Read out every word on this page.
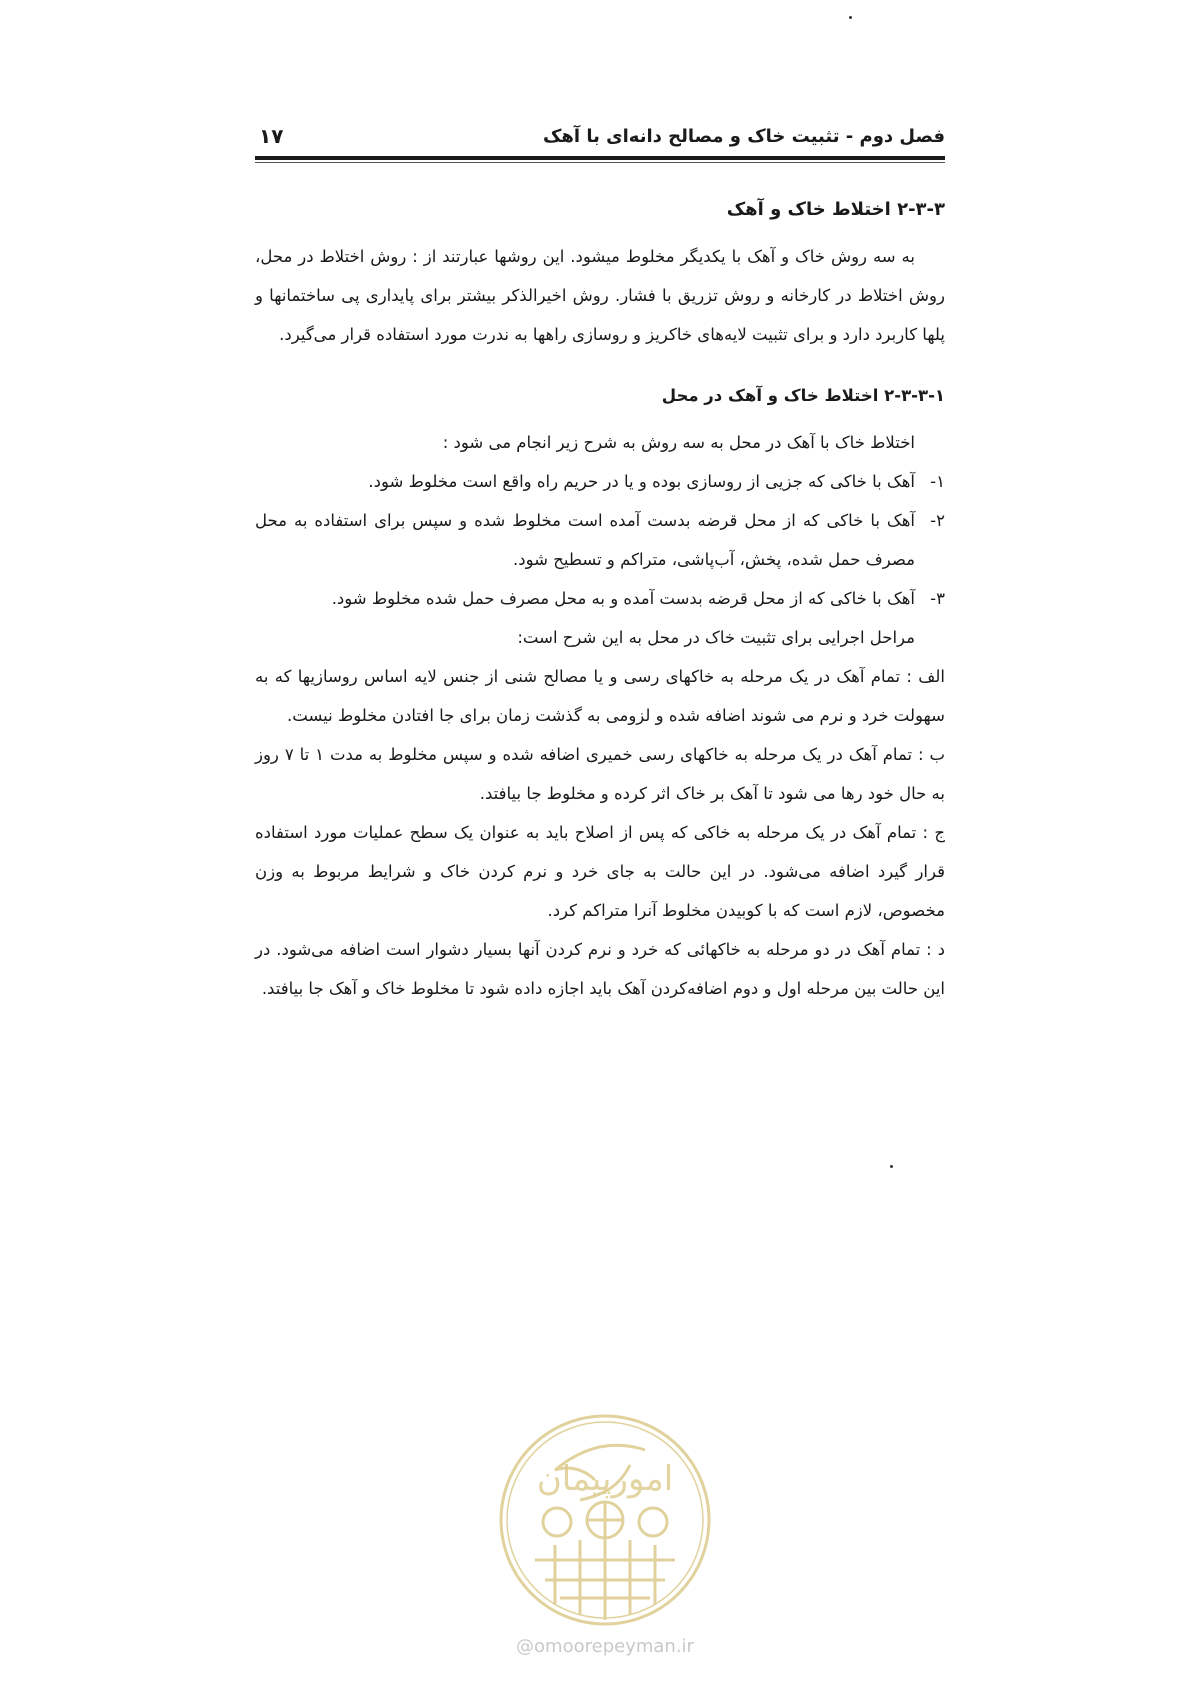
فصل دوم - تثبیت خاک و مصالح دانه‌ای با آهک
۱۷

۲-۳-۳ اختلاط خاک و آهک

به سه روش خاک و آهک با یکدیگر مخلوط میشود. این روشها عبارتند از : روش اختلاط در محل، روش اختلاط در کارخانه و روش تزریق با فشار. روش اخیرالذکر بیشتر برای پایداری پی ساختمانها و پلها کاربرد دارد و برای تثبیت لایه‌های خاکریز و روسازی راهها به ندرت مورد استفاده قرار می‌گیرد.

۲-۳-۳-۱ اختلاط خاک و آهک در محل

اختلاط خاک با آهک در محل به سه روش به شرح زیر انجام می شود :

۱-آهک با خاکی که جزیی از روسازی بوده و یا در حریم راه واقع است مخلوط شود.

۲-آهک با خاکی که از محل قرضه بدست آمده است مخلوط شده و سپس برای استفاده به محل مصرف حمل شده، پخش، آب‌پاشی، متراکم و تسطیح شود.

۳-آهک با خاکی که از محل قرضه بدست آمده و به محل مصرف حمل شده مخلوط شود.

مراحل اجرایی برای تثبیت خاک در محل به این شرح است:

الف : تمام آهک در یک مرحله به خاکهای رسی و یا مصالح شنی از جنس لایه اساس روسازیها که به سهولت خرد و نرم می شوند اضافه شده و لزومی به گذشت زمان برای جا افتادن مخلوط نیست.

ب : تمام آهک در یک مرحله به خاکهای رسی خمیری اضافه شده و سپس مخلوط به مدت ۱ تا ۷ روز به حال خود رها می شود تا آهک بر خاک اثر کرده و مخلوط جا بیافتد.

ج : تمام آهک در یک مرحله به خاکی که پس از اصلاح باید به عنوان یک سطح عملیات مورد استفاده قرار گیرد اضافه می‌شود. در این حالت به جای خرد و نرم کردن خاک و شرایط مربوط به وزن مخصوص، لازم است که با کوبیدن مخلوط آنرا متراکم کرد.

د : تمام آهک در دو مرحله به خاکهائی که خرد و نرم کردن آنها بسیار دشوار است اضافه می‌شود. در این حالت بین مرحله اول و دوم اضافه‌کردن آهک باید اجازه داده شود تا مخلوط خاک و آهک جا بیافتد.

امورپیمان
@omoorepeyman.ir
